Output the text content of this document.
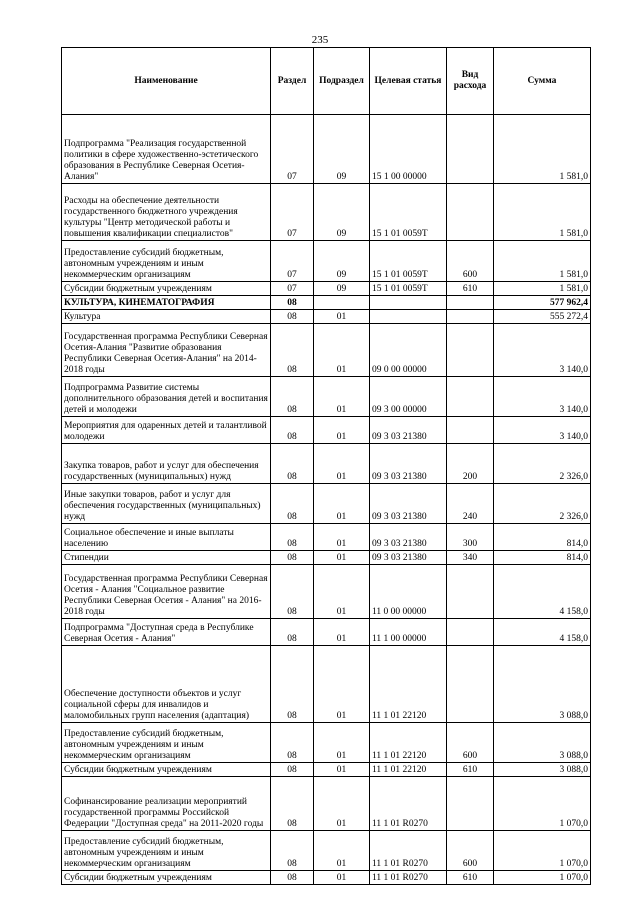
235
Наименование	Раздел	Подраздел	Целевая статья	Вид расхода	Сумма
Подпрограмма "Реализация государственной политики в сфере художественно-эстетического образования в Республике Северная Осетия-Алания"	07	09	15 1 00 00000		1 581,0
Расходы на обеспечение деятельности государственного бюджетного учреждения культуры "Центр методической работы и повышения квалификации специалистов"	07	09	15 1 01 0059Т		1 581,0
Предоставление субсидий бюджетным, автономным учреждениям и иным некоммерческим организациям	07	09	15 1 01 0059Т	600	1 581,0
Субсидии бюджетным учреждениям	07	09	15 1 01 0059Т	610	1 581,0
КУЛЬТУРА, КИНЕМАТОГРАФИЯ	08				577 962,4
Культура	08	01			555 272,4
Государственная программа Республики Северная Осетия-Алания "Развитие образования Республики Северная Осетия-Алания" на 2014-2018 годы	08	01	09 0 00 00000		3 140,0
Подпрограмма Развитие системы дополнительного образования детей и воспитания детей и молодежи	08	01	09 3 00 00000		3 140,0
Мероприятия для одаренных детей и талантливой молодежи	08	01	09 3 03 21380		3 140,0
Закупка товаров, работ и услуг для обеспечения государственных (муниципальных) нужд	08	01	09 3 03 21380	200	2 326,0
Иные закупки товаров, работ и услуг для обеспечения государственных (муниципальных) нужд	08	01	09 3 03 21380	240	2 326,0
Социальное обеспечение и иные выплаты населению	08	01	09 3 03 21380	300	814,0
Стипендии	08	01	09 3 03 21380	340	814,0
Государственная программа Республики Северная Осетия - Алания "Социальное развитие Республики Северная Осетия - Алания" на 2016-2018 годы	08	01	11 0 00 00000		4 158,0
Подпрограмма "Доступная среда в Республике Северная Осетия - Алания"	08	01	11 1 00 00000		4 158,0
Обеспечение доступности объектов и услуг социальной сферы для инвалидов и маломобильных групп населения (адаптация)	08	01	11 1 01 22120		3 088,0
Предоставление субсидий бюджетным, автономным учреждениям и иным некоммерческим организациям	08	01	11 1 01 22120	600	3 088,0
Субсидии бюджетным учреждениям	08	01	11 1 01 22120	610	3 088,0
Софинансирование реализации мероприятий государственной программы Российской Федерации "Доступная среда" на 2011-2020 годы	08	01	11 1 01 R0270		1 070,0
Предоставление субсидий бюджетным, автономным учреждениям и иным некоммерческим организациям	08	01	11 1 01 R0270	600	1 070,0
Субсидии бюджетным учреждениям	08	01	11 1 01 R0270	610	1 070,0
